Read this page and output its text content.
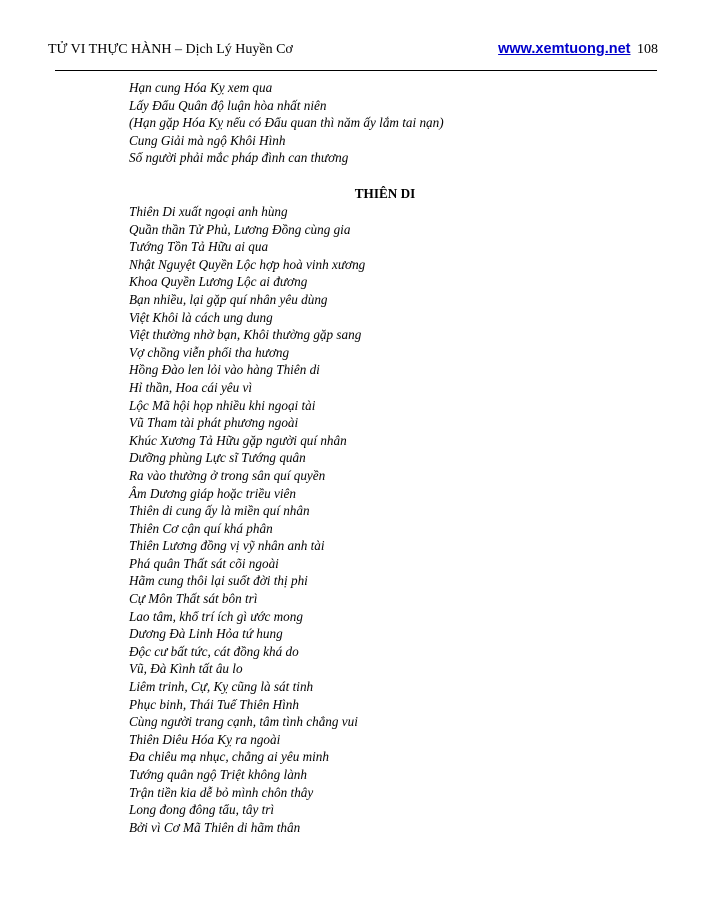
TỬ VI THỰC HÀNH – Dịch Lý Huyền Cơ	www.xemtuong.net 108
Hạn cung Hóa Kỵ xem qua
Lấy Đẩu Quân độ luận hòa nhất niên
(Hạn gặp Hóa Kỵ nếu có Đẩu quan thì năm ấy lắm tai nạn)
Cung Giải mà ngộ Khôi Hình
Số người phải mắc pháp đình can thương
THIÊN DI
Thiên Di xuất ngoại anh hùng
Quần thần Tử Phủ, Lương Đồng cùng gia
Tướng Tồn Tả Hữu ai qua
Nhật Nguyệt Quyền Lộc hợp hoà vinh xương
Khoa Quyền Lương Lộc ai đương
Bạn nhiều, lại gặp quí nhân yêu dùng
Việt Khôi là cách ung dung
Việt thường nhờ bạn, Khôi thường gặp sang
Vợ chồng viễn phối tha hương
Hồng Đào len lỏi vào hàng Thiên di
Hỉ thần, Hoa cái yêu vì
Lộc Mã hội họp nhiều khi ngoại tài
Vũ Tham tài phát phương ngoài
Khúc Xương Tả Hữu gặp người quí nhân
Dưỡng phùng Lực sĩ Tướng quân
Ra vào thường ở trong sân quí quyền
Âm Dương giáp hoặc triều viên
Thiên di cung ấy là miền quí nhân
Thiên Cơ cận quí khá phân
Thiên Lương đồng vị vỹ nhân anh tài
Phá quân Thất sát cõi ngoài
Hãm cung thôi lại suốt đời thị phi
Cự Môn Thất sát bôn trì
Lao tâm, khổ trí ích gì ước mong
Dương Đà Linh Hỏa tứ hung
Độc cư bất tức, cát đồng khá do
Vũ, Đà Kình tất âu lo
Liêm trinh, Cự, Kỵ cũng là sát tinh
Phục binh, Thái Tuế Thiên Hình
Cùng người trang cạnh, tâm tình chẳng vui
Thiên Diêu Hóa Kỵ ra ngoài
Đa chiêu mạ nhục, chẳng ai yêu minh
Tướng quân ngộ Triệt không lành
Trận tiền kia dễ bỏ mình chôn thây
Long đong đông tẩu, tây trì
Bởi vì Cơ Mã Thiên di hãm thân
